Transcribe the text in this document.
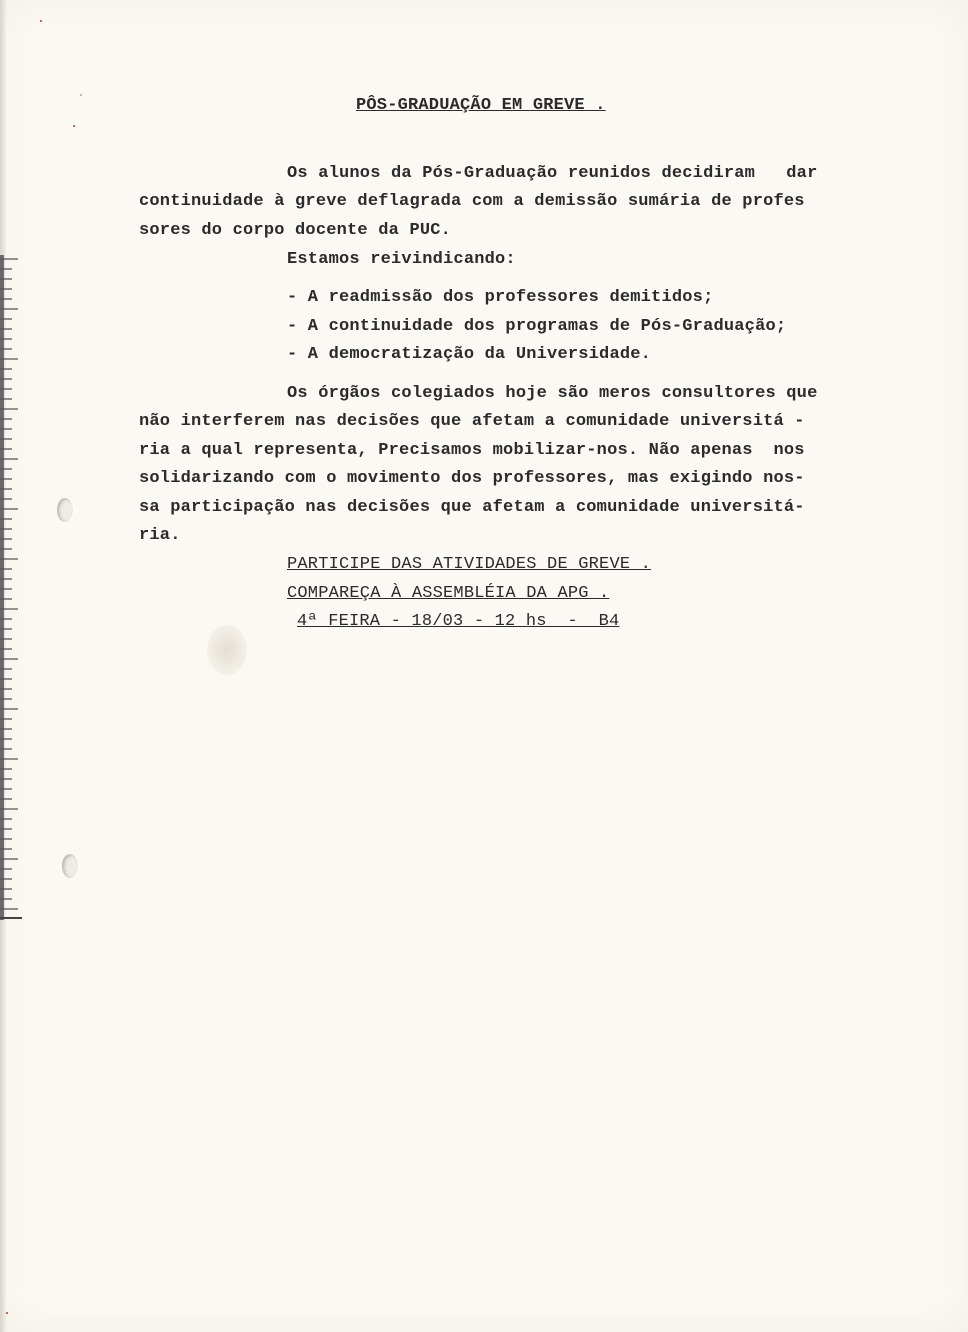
PÔS-GRADUAÇÃO EM GREVE .
Os alunos da Pós-Graduação reunidos decidiram   dar
continuidade à greve deflagrada com a demissão sumária de profes
sores do corpo docente da PUC.
Estamos reivindicando:
- A readmissão dos professores demitidos;
- A continuidade dos programas de Pós-Graduação;
- A democratização da Universidade.
Os órgãos colegiados hoje são meros consultores que
não interferem nas decisões que afetam a comunidade universitá -
ria a qual representa, Precisamos mobilizar-nos. Não apenas  nos
solidarizando com o movimento dos professores, mas exigindo nos-
sa participação nas decisões que afetam a comunidade universitá-
ria.
PARTICIPE DAS ATIVIDADES DE GREVE .
COMPAREÇA À ASSEMBLÉIA DA APG .
4ª FEIRA - 18/03 - 12 hs  -  B4
